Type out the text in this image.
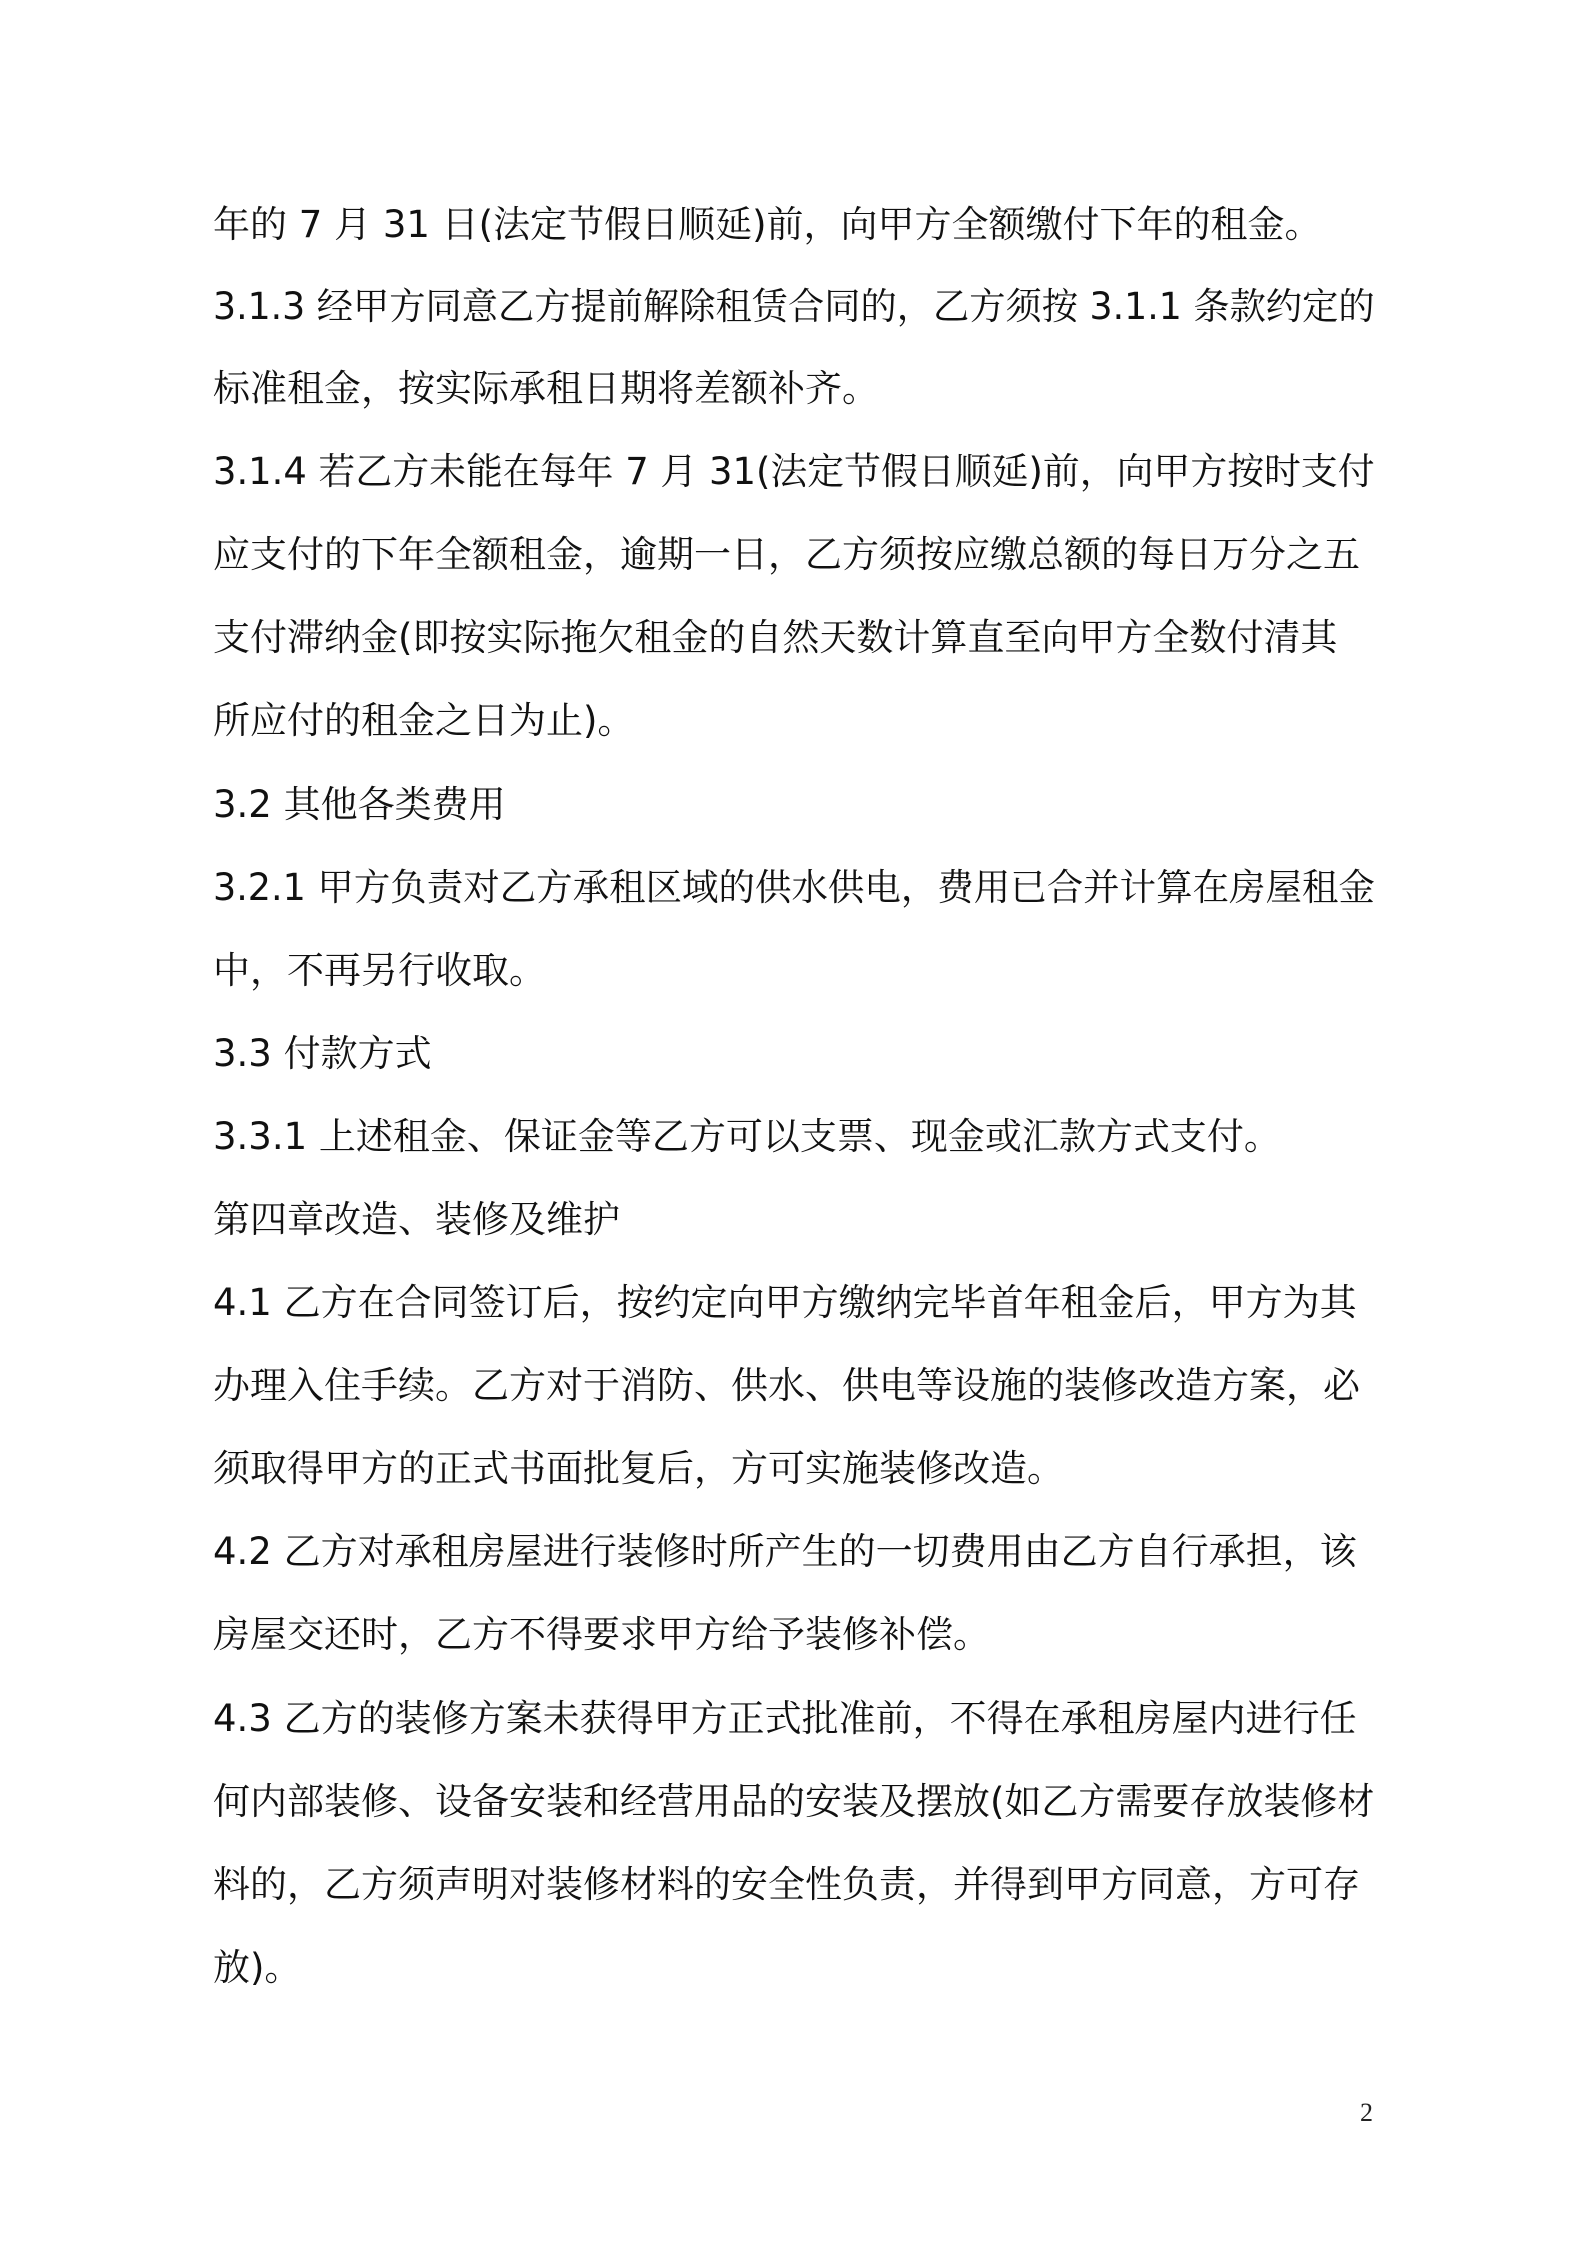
年的 7 月 31 日(法定节假日顺延)前，向甲方全额缴付下年的租金。
3.1.3 经甲方同意乙方提前解除租赁合同的，乙方须按 3.1.1 条款约定的
标准租金，按实际承租日期将差额补齐。
3.1.4 若乙方未能在每年 7 月 31(法定节假日顺延)前，向甲方按时支付
应支付的下年全额租金，逾期一日，乙方须按应缴总额的每日万分之五
支付滞纳金(即按实际拖欠租金的自然天数计算直至向甲方全数付清其
所应付的租金之日为止)。
3.2 其他各类费用
3.2.1 甲方负责对乙方承租区域的供水供电，费用已合并计算在房屋租金
中，不再另行收取。
3.3 付款方式
3.3.1 上述租金、保证金等乙方可以支票、现金或汇款方式支付。
第四章改造、装修及维护
4.1 乙方在合同签订后，按约定向甲方缴纳完毕首年租金后，甲方为其
办理入住手续。乙方对于消防、供水、供电等设施的装修改造方案，必
须取得甲方的正式书面批复后，方可实施装修改造。
4.2 乙方对承租房屋进行装修时所产生的一切费用由乙方自行承担，该
房屋交还时，乙方不得要求甲方给予装修补偿。
4.3 乙方的装修方案未获得甲方正式批准前，不得在承租房屋内进行任
何内部装修、设备安装和经营用品的安装及摆放(如乙方需要存放装修材
料的，乙方须声明对装修材料的安全性负责，并得到甲方同意，方可存
放)。
2
